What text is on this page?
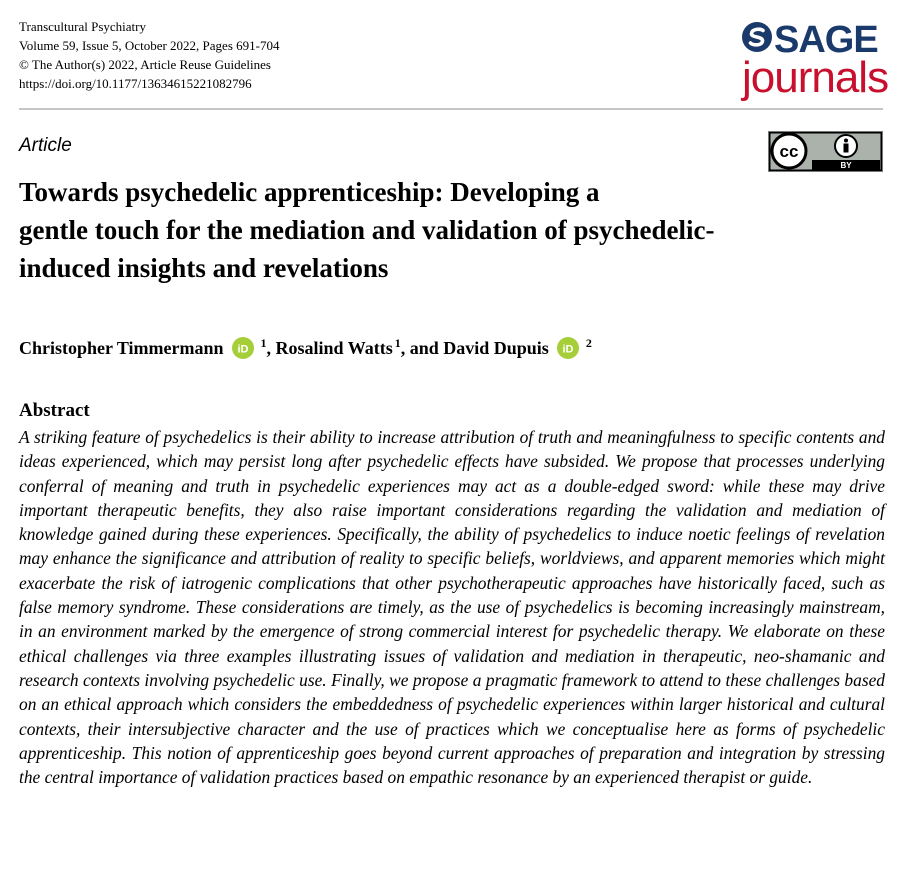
Transcultural Psychiatry
Volume 59, Issue 5, October 2022, Pages 691-704
© The Author(s) 2022, Article Reuse Guidelines
https://doi.org/10.1177/13634615221082796
SAGE
journals
Article	cc
BY
Towards psychedelic apprenticeship: Developing a
gentle touch for the mediation and validation of psychedelic-
induced insights and revelations
Christopher Timmermann iD $^1$, Rosalind Watts $^1$, and David Dupuis iD $^2$
Abstract

A striking feature of psychedelics is their ability to increase attribution of truth and meaningfulness to specific contents and ideas experienced, which may persist long after psychedelic effects have subsided. We propose that processes underlying conferral of meaning and truth in psychedelic experiences may act as a double-edged sword: while these may drive important therapeutic benefits, they also raise important considerations regarding the validation and mediation of knowledge gained during these experiences. Specifically, the ability of psychedelics to induce noetic feelings of revelation may enhance the significance and attribution of reality to specific beliefs, worldviews, and apparent memories which might exacerbate the risk of iatrogenic complications that other psychotherapeutic approaches have historically faced, such as false memory syndrome. These considerations are timely, as the use of psychedelics is becoming increasingly mainstream, in an environment marked by the emergence of strong commercial interest for psychedelic therapy. We elaborate on these ethical challenges via three examples illustrating issues of validation and mediation in therapeutic, neo-shamanic and research contexts involving psychedelic use. Finally, we propose a pragmatic framework to attend to these challenges based on an ethical approach which considers the embeddedness of psychedelic experiences within larger historical and cultural contexts, their intersubjective character and the use of practices which we conceptualise here as forms of psychedelic apprenticeship. This notion of apprenticeship goes beyond current approaches of preparation and integration by stressing the central importance of validation practices based on empathic resonance by an experienced therapist or guide.
